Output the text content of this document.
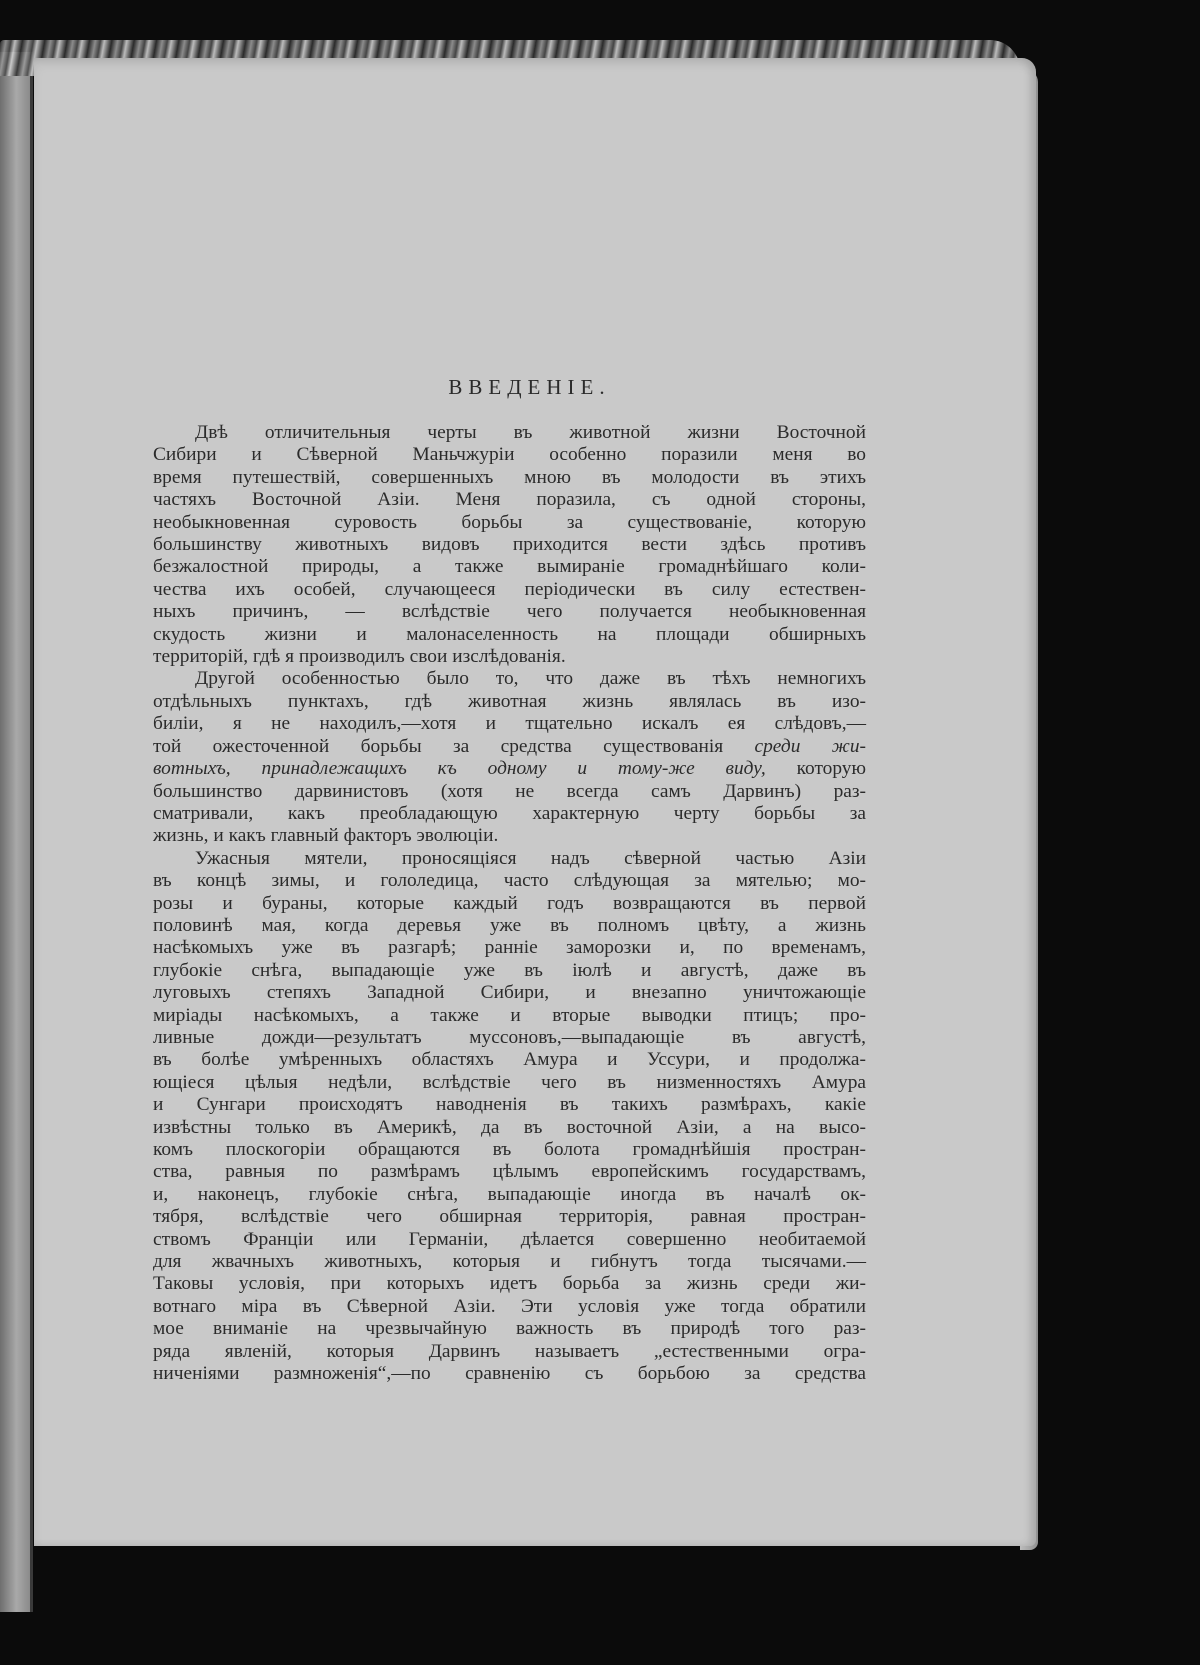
ВВЕДЕНІЕ.
Двѣ отличительныя черты въ животной жизни Восточной
Сибири и Сѣверной Маньчжуріи особенно поразили меня во
время путешествій, совершенныхъ мною въ молодости въ этихъ
частяхъ Восточной Азіи. Меня поразила, съ одной стороны,
необыкновенная суровость борьбы за существованіе, которую
большинству животныхъ видовъ приходится вести здѣсь противъ
безжалостной природы, а также вымираніе громаднѣйшаго коли-
чества ихъ особей, случающееся періодически въ силу естествен-
ныхъ причинъ, — вслѣдствіе чего получается необыкновенная
скудость жизни и малонаселенность на площади обширныхъ
территорій, гдѣ я производилъ свои изслѣдованія.
Другой особенностью было то, что даже въ тѣхъ немногихъ
отдѣльныхъ пунктахъ, гдѣ животная жизнь являлась въ изо-
биліи, я не находилъ,—хотя и тщательно искалъ ея слѣдовъ,—
той ожесточенной борьбы за средства существованія среди жи-
вотныхъ, принадлежащихъ къ одному и тому-же виду, которую
большинство дарвинистовъ (хотя не всегда самъ Дарвинъ) раз-
сматривали, какъ преобладающую характерную черту борьбы за
жизнь, и какъ главный факторъ эволюціи.
Ужасныя мятели, проносящіяся надъ сѣверной частью Азіи
въ концѣ зимы, и гололедица, часто слѣдующая за мятелью; мо-
розы и бураны, которые каждый годъ возвращаются въ первой
половинѣ мая, когда деревья уже въ полномъ цвѣту, а жизнь
насѣкомыхъ уже въ разгарѣ; ранніе заморозки и, по временамъ,
глубокіе снѣга, выпадающіе уже въ іюлѣ и августѣ, даже въ
луговыхъ степяхъ Западной Сибири, и внезапно уничтожающіе
миріады насѣкомыхъ, а также и вторые выводки птицъ; про-
ливные дожди—результатъ муссоновъ,—выпадающіе въ августѣ,
въ болѣе умѣренныхъ областяхъ Амура и Уссури, и продолжа-
ющіеся цѣлыя недѣли, вслѣдствіе чего въ низменностяхъ Амура
и Сунгари происходятъ наводненія въ такихъ размѣрахъ, какіе
извѣстны только въ Америкѣ, да въ восточной Азіи, а на высо-
комъ плоскогоріи обращаются въ болота громаднѣйшія простран-
ства, равныя по размѣрамъ цѣлымъ европейскимъ государствамъ,
и, наконецъ, глубокіе снѣга, выпадающіе иногда въ началѣ ок-
тября, вслѣдствіе чего обширная территорія, равная простран-
ствомъ Франціи или Германіи, дѣлается совершенно необитаемой
для жвачныхъ животныхъ, которыя и гибнутъ тогда тысячами.—
Таковы условія, при которыхъ идетъ борьба за жизнь среди жи-
вотнаго міра въ Сѣверной Азіи. Эти условія уже тогда обратили
мое вниманіе на чрезвычайную важность въ природѣ того раз-
ряда явленій, которыя Дарвинъ называетъ „естественными огра-
ниченіями размноженія“,—по сравненію съ борьбою за средства
